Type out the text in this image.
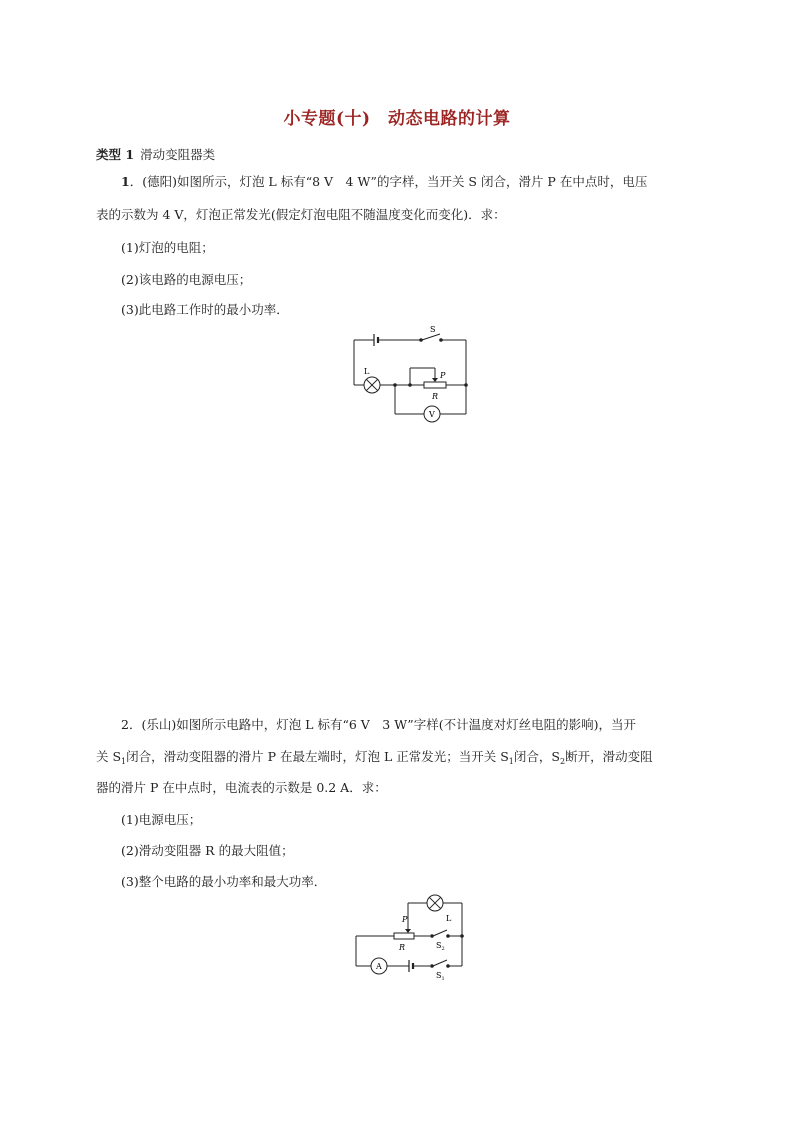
小专题(十)　动态电路的计算
类型 1 滑动变阻器类
1．(德阳)如图所示，灯泡 L 标有“8 V　4 W”的字样，当开关 S 闭合，滑片 P 在中点时，电压
表的示数为 4 V，灯泡正常发光(假定灯泡电阻不随温度变化而变化)．求：
(1)灯泡的电阻；
(2)该电路的电源电压；
(3)此电路工作时的最小功率．
S
L	P
R
V
2．(乐山)如图所示电路中，灯泡 L 标有“6 V　3 W”字样(不计温度对灯丝电阻的影响)，当开
关 $S_1$闭合，滑动变阻器的滑片 P 在最左端时，灯泡 L 正常发光；当开关 $S_1$闭合，$S_2$断开，滑动变阻
器的滑片 P 在中点时，电流表的示数是 0.2 A．求：
(1)电源电压；
(2)滑动变阻器 R 的最大阻值；
(3)整个电路的最小功率和最大功率．
L
P
R	$S_2$
$S_1$
A
